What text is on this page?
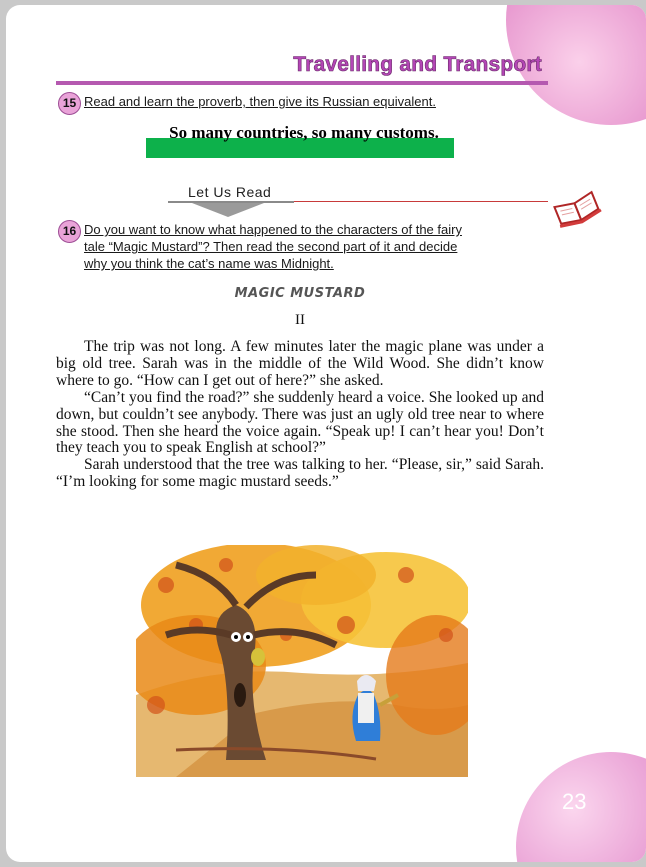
Travelling and Transport
15 Read and learn the proverb, then give its Russian equivalent.
So many countries, so many customs.
Let Us Read
16 Do you want to know what happened to the characters of the fairy
tale “Magic Mustard”? Then read the second part of it and decide
why you think the cat’s name was Midnight.
MAGIC MUSTARD
II

The trip was not long. A few minutes later the magic plane was under a big old tree. Sarah was in the middle of the Wild Wood. She didn’t know where to go. “How can I get out of here?” she asked.

“Can’t you find the road?” she suddenly heard a voice. She looked up and down, but couldn’t see anybody. There was just an ugly old tree near to where she stood. Then she heard the voice again. “Speak up! I can’t hear you! Don’t they teach you to speak English at school?”

Sarah understood that the tree was talking to her. “Please, sir,” said Sarah. “I’m looking for some magic mustard seeds.”

23
